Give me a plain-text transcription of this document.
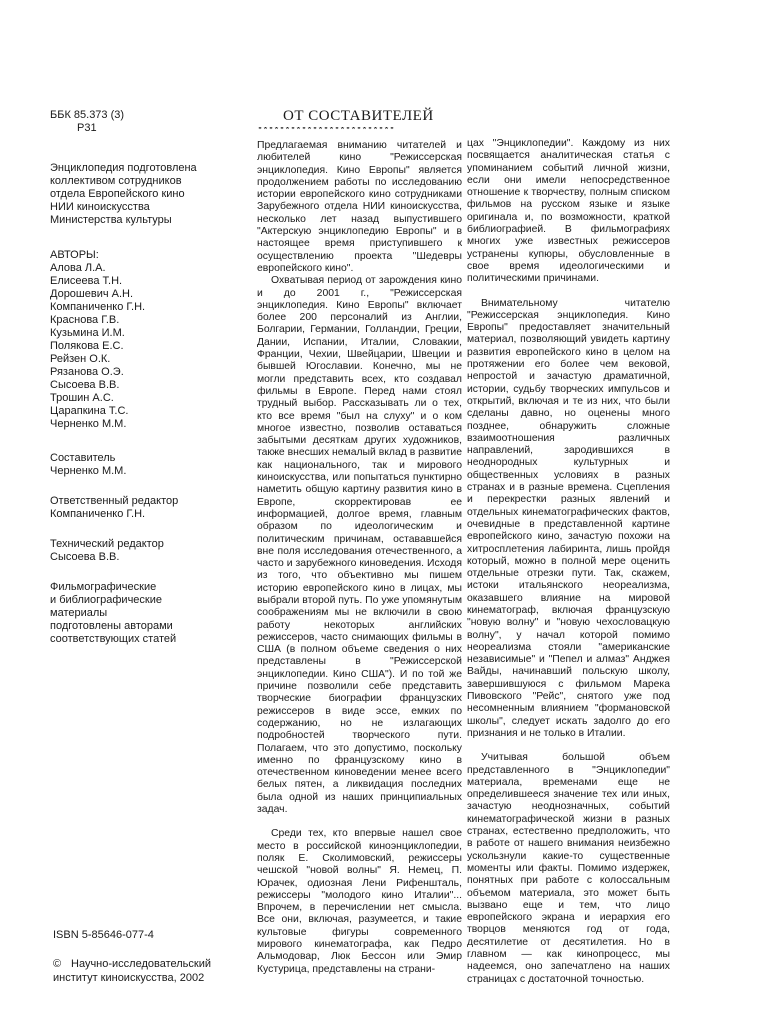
ББК 85.373 (3)

Р31

Энциклопедия подготовлена

коллективом сотрудников

отдела Европейского кино

НИИ киноискусства

Министерства культуры

АВТОРЫ:

Алова Л.А.

Елисеева Т.Н.

Дорошевич А.Н.

Компаниченко Г.Н.

Краснова Г.В.

Кузьмина И.М.

Полякова Е.С.

Рейзен О.К.

Рязанова О.Э.

Сысоева В.В.

Трошин А.С.

Царапкина Т.С.

Черненко М.М.

Составитель

Черненко М.М.

Ответственный редактор

Компаниченко Г.Н.

Технический редактор

Сысоева В.В.

Фильмографические

и библиографические

материалы

подготовлены авторами

соответствующих статей

ISBN 5-85646-077-4

© Научно-исследовательский

институт киноискусства, 2002

ОТ СОСТАВИТЕЛЕЙ
*************************

Предлагаемая вниманию читателей и любителей кино "Режиссерская энциклопедия. Кино Европы" является продолжением работы по исследованию истории европейского кино сотрудниками Зарубежного отдела НИИ киноискусства, несколько лет назад выпустившего "Актерскую энциклопедию Европы" и в настоящее время приступившего к осуществлению проекта "Шедевры европейского кино".

Охватывая период от зарождения кино и до 2001 г., "Режиссерская энциклопедия. Кино Европы" включает более 200 персоналий из Англии, Болгарии, Германии, Голландии, Греции, Дании, Испании, Италии, Словакии, Франции, Чехии, Швейцарии, Швеции и бывшей Югославии. Конечно, мы не могли представить всех, кто создавал фильмы в Европе. Перед нами стоял трудный выбор. Рассказывать ли о тех, кто все время "был на слуху" и о ком многое известно, позволив оставаться забытыми десяткам других художников, также внесших немалый вклад в развитие как национального, так и мирового киноискусства, или попытаться пунктирно наметить общую картину развития кино в Европе, скорректировав ее информацией, долгое время, главным образом по идеологическим и политическим причинам, остававшейся вне поля исследования отечественного, а часто и зарубежного киноведения. Исходя из того, что объективно мы пишем историю европейского кино в лицах, мы выбрали второй путь. По уже упомянутым соображениям мы не включили в свою работу некоторых английских режиссеров, часто снимающих фильмы в США (в полном объеме сведения о них представлены в "Режиссерской энциклопедии. Кино США"). И по той же причине позволили себе представить творческие биографии французских режиссеров в виде эссе, емких по содержанию, но не излагающих подробностей творческого пути. Полагаем, что это допустимо, поскольку именно по французскому кино в отечественном киноведении менее всего белых пятен, а ликвидация последних была одной из наших принципиальных задач.

Среди тех, кто впервые нашел свое место в российской киноэнциклопедии, поляк Е. Сколимовский, режиссеры чешской "новой волны" Я. Немец, П. Юрачек, одиозная Лени Рифеншталь, режиссеры "молодого кино Италии"... Впрочем, в перечислении нет смысла. Все они, включая, разумеется, и такие культовые фигуры современного мирового кинематографа, как Педро Альмодовар, Люк Бессон или Эмир Кустурица, представлены на страни-

цах "Энциклопедии". Каждому из них посвящается аналитическая статья с упоминанием событий личной жизни, если они имели непосредственное отношение к творчеству, полным списком фильмов на русском языке и языке оригинала и, по возможности, краткой библиографией. В фильмографиях многих уже известных режиссеров устранены купюры, обусловленные в свое время идеологическими и политическими причинами.

Внимательному читателю "Режиссерская энциклопедия. Кино Европы" предоставляет значительный материал, позволяющий увидеть картину развития европейского кино в целом на протяжении его более чем вековой, непростой и зачастую драматичной, истории, судьбу творческих импульсов и открытий, включая и те из них, что были сделаны давно, но оценены много позднее, обнаружить сложные взаимоотношения различных направлений, зародившихся в неоднородных культурных и общественных условиях в разных странах и в разные времена. Сцепления и перекрестки разных явлений и отдельных кинематографических фактов, очевидные в представленной картине европейского кино, зачастую похожи на хитросплетения лабиринта, лишь пройдя который, можно в полной мере оценить отдельные отрезки пути. Так, скажем, истоки итальянского неореализма, оказавшего влияние на мировой кинематограф, включая французскую "новую волну" и "новую чехословацкую волну", у начал которой помимо неореализма стояли "американские независимые" и "Пепел и алмаз" Анджея Вайды, начинавший польскую школу, завершившуюся с фильмом Марека Пивовского "Рейс", снятого уже под несомненным влиянием "формановской школы", следует искать задолго до его признания и не только в Италии.

Учитывая большой объем представленного в "Энциклопедии" материала, временами еще не определившееся значение тех или иных, зачастую неоднозначных, событий кинематографической жизни в разных странах, естественно предположить, что в работе от нашего внимания неизбежно ускользнули какие-то существенные моменты или факты. Помимо издержек, понятных при работе с колоссальным объемом материала, это может быть вызвано еще и тем, что лицо европейского экрана и иерархия его творцов меняются год от года, десятилетие от десятилетия. Но в главном — как кинопроцесс, мы надеемся, оно запечатлено на наших страницах с достаточной точностью.
